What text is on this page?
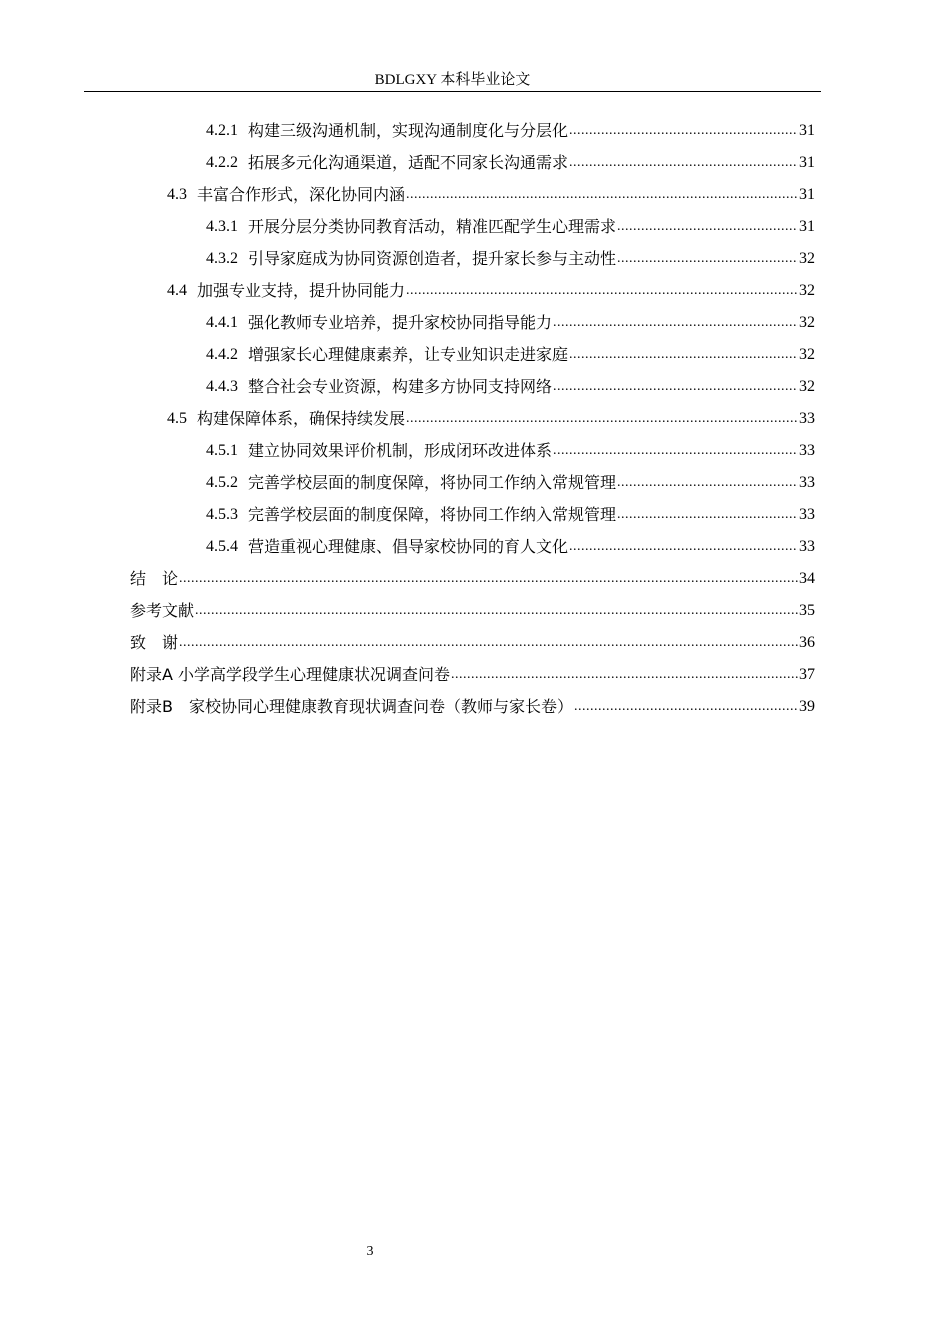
BDLGXY 本科毕业论文
4.2.1 构建三级沟通机制，实现沟通制度化与分层化 .....	31
4.2.2 拓展多元化沟通渠道，适配不同家长沟通需求 .....	31
4.3 丰富合作形式，深化协同内涵 .....	31
4.3.1 开展分层分类协同教育活动，精准匹配学生心理需求 .....	31
4.3.2 引导家庭成为协同资源创造者，提升家长参与主动性 .....	32
4.4 加强专业支持，提升协同能力 .....	32
4.4.1 强化教师专业培养，提升家校协同指导能力 .....	32
4.4.2 增强家长心理健康素养，让专业知识走进家庭 .....	32
4.4.3 整合社会专业资源，构建多方协同支持网络 .....	32
4.5 构建保障体系，确保持续发展 .....	33
4.5.1 建立协同效果评价机制，形成闭环改进体系 .....	33
4.5.2 完善学校层面的制度保障，将协同工作纳入常规管理 .....	33
4.5.3 完善学校层面的制度保障，将协同工作纳入常规管理 .....	33
4.5.4 营造重视心理健康、倡导家校协同的育人文化 .....	33
结　论 .....	34
参考文献 .....	35
致　谢 .....	36
附录A 小学高学段学生心理健康状况调查问卷 .....	37
附录B　家校协同心理健康教育现状调查问卷（教师与家长卷） .....	39
3
